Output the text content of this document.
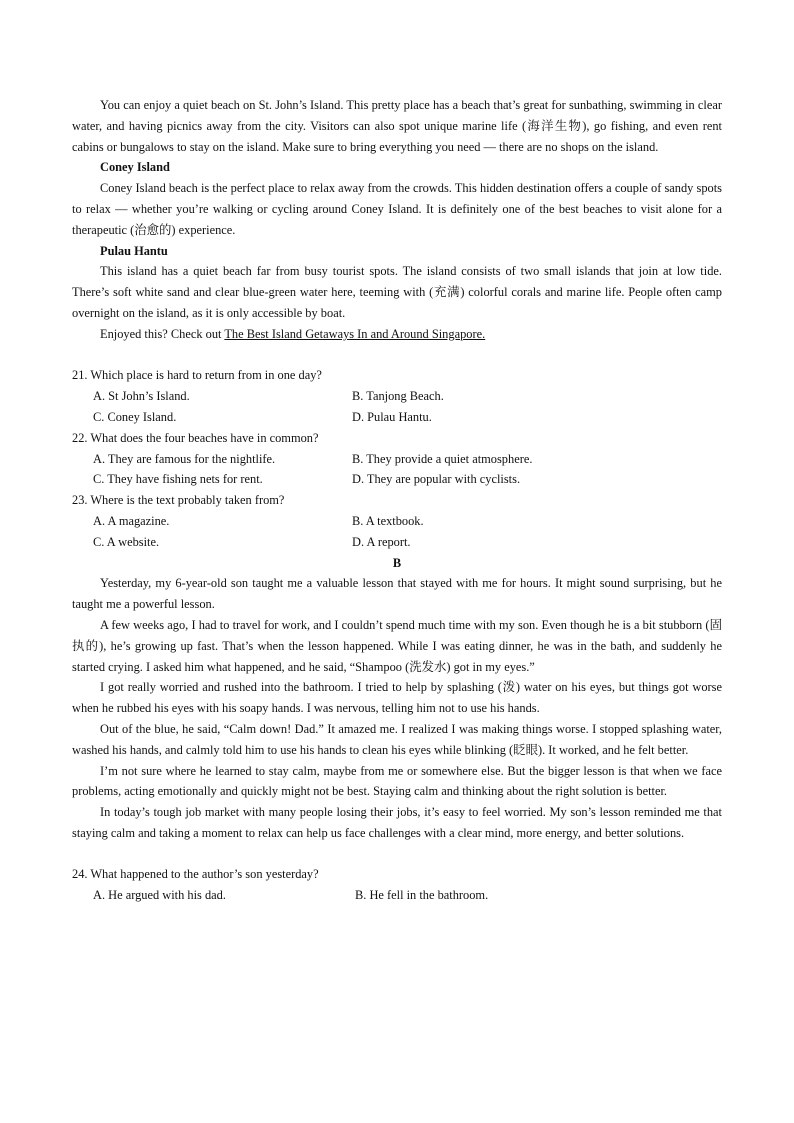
You can enjoy a quiet beach on St. John’s Island. This pretty place has a beach that’s great for sunbathing, swimming in clear water, and having picnics away from the city. Visitors can also spot unique marine life (海洋生物), go fishing, and even rent cabins or bungalows to stay on the island. Make sure to bring everything you need — there are no shops on the island.

Coney Island

Coney Island beach is the perfect place to relax away from the crowds. This hidden destination offers a couple of sandy spots to relax — whether you’re walking or cycling around Coney Island. It is definitely one of the best beaches to visit alone for a therapeutic (治愈的) experience.

Pulau Hantu

This island has a quiet beach far from busy tourist spots. The island consists of two small islands that join at low tide. There’s soft white sand and clear blue-green water here, teeming with (充满) colorful corals and marine life. People often camp overnight on the island, as it is only accessible by boat.

Enjoyed this? Check out The Best Island Getaways In and Around Singapore.

21. Which place is hard to return from in one day?
A. St John’s Island.	B. Tanjong Beach.
C. Coney Island.	D. Pulau Hantu.
22. What does the four beaches have in common?
A. They are famous for the nightlife.	B. They provide a quiet atmosphere.
C. They have fishing nets for rent.	D. They are popular with cyclists.
23. Where is the text probably taken from?
A. A magazine.	B. A textbook.
C. A website.	D. A report.
B

Yesterday, my 6-year-old son taught me a valuable lesson that stayed with me for hours. It might sound surprising, but he taught me a powerful lesson.

A few weeks ago, I had to travel for work, and I couldn’t spend much time with my son. Even though he is a bit stubborn (固执的), he’s growing up fast. That’s when the lesson happened. While I was eating dinner, he was in the bath, and suddenly he started crying. I asked him what happened, and he said, “Shampoo (洗发水) got in my eyes.”

I got really worried and rushed into the bathroom. I tried to help by splashing (泼) water on his eyes, but things got worse when he rubbed his eyes with his soapy hands. I was nervous, telling him not to use his hands.

Out of the blue, he said, “Calm down! Dad.” It amazed me. I realized I was making things worse. I stopped splashing water, washed his hands, and calmly told him to use his hands to clean his eyes while blinking (眨眼). It worked, and he felt better.

I’m not sure where he learned to stay calm, maybe from me or somewhere else. But the bigger lesson is that when we face problems, acting emotionally and quickly might not be best. Staying calm and thinking about the right solution is better.

In today’s tough job market with many people losing their jobs, it’s easy to feel worried. My son’s lesson reminded me that staying calm and taking a moment to relax can help us face challenges with a clear mind, more energy, and better solutions.

24. What happened to the author’s son yesterday?
A. He argued with his dad.	B. He fell in the bathroom.
